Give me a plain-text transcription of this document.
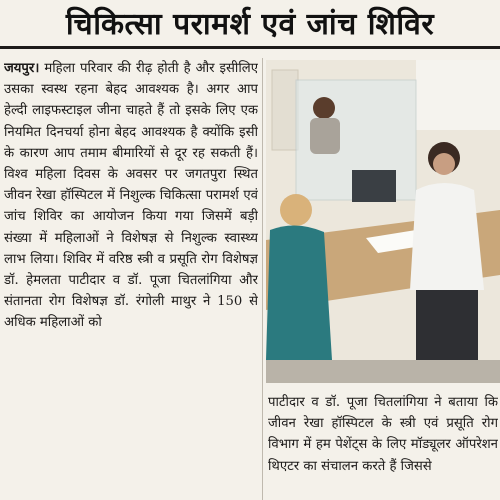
चिकित्सा परामर्श एवं जांच शिविर

जयपुर। महिला परिवार की रीढ़ होती है और इसीलिए उसका स्वस्थ रहना बेहद आवश्यक है। अगर आप हेल्दी लाइफस्टाइल जीना चाहते हैं तो इसके लिए एक नियमित दिनचर्या होना बेहद आवश्यक है क्योंकि इसी के कारण आप तमाम बीमारियों से दूर रह सकती हैं। विश्व महिला दिवस के अवसर पर जगतपुरा स्थित जीवन रेखा हॉस्पिटल में निशुल्क चिकित्सा परामर्श एवं जांच शिविर का आयोजन किया गया जिसमें बड़ी संख्या में महिलाओं ने विशेषज्ञ से निशुल्क स्वास्थ्य लाभ लिया। शिविर में वरिष्ठ स्त्री व प्रसूति रोग विशेषज्ञ डॉ. हेमलता पाटीदार व डॉ. पूजा चितलांगिया और संतानता रोग विशेषज्ञ डॉ. रंगोली माथुर ने 150 से अधिक महिलाओं को

पाटीदार व डॉ. पूजा चितलांगिया ने बताया कि जीवन रेखा हॉस्पिटल के स्त्री एवं प्रसूति रोग विभाग में हम पेशेंट्स के लिए मॉड्यूलर ऑपरेशन थिएटर का संचालन करते हैं जिससे
